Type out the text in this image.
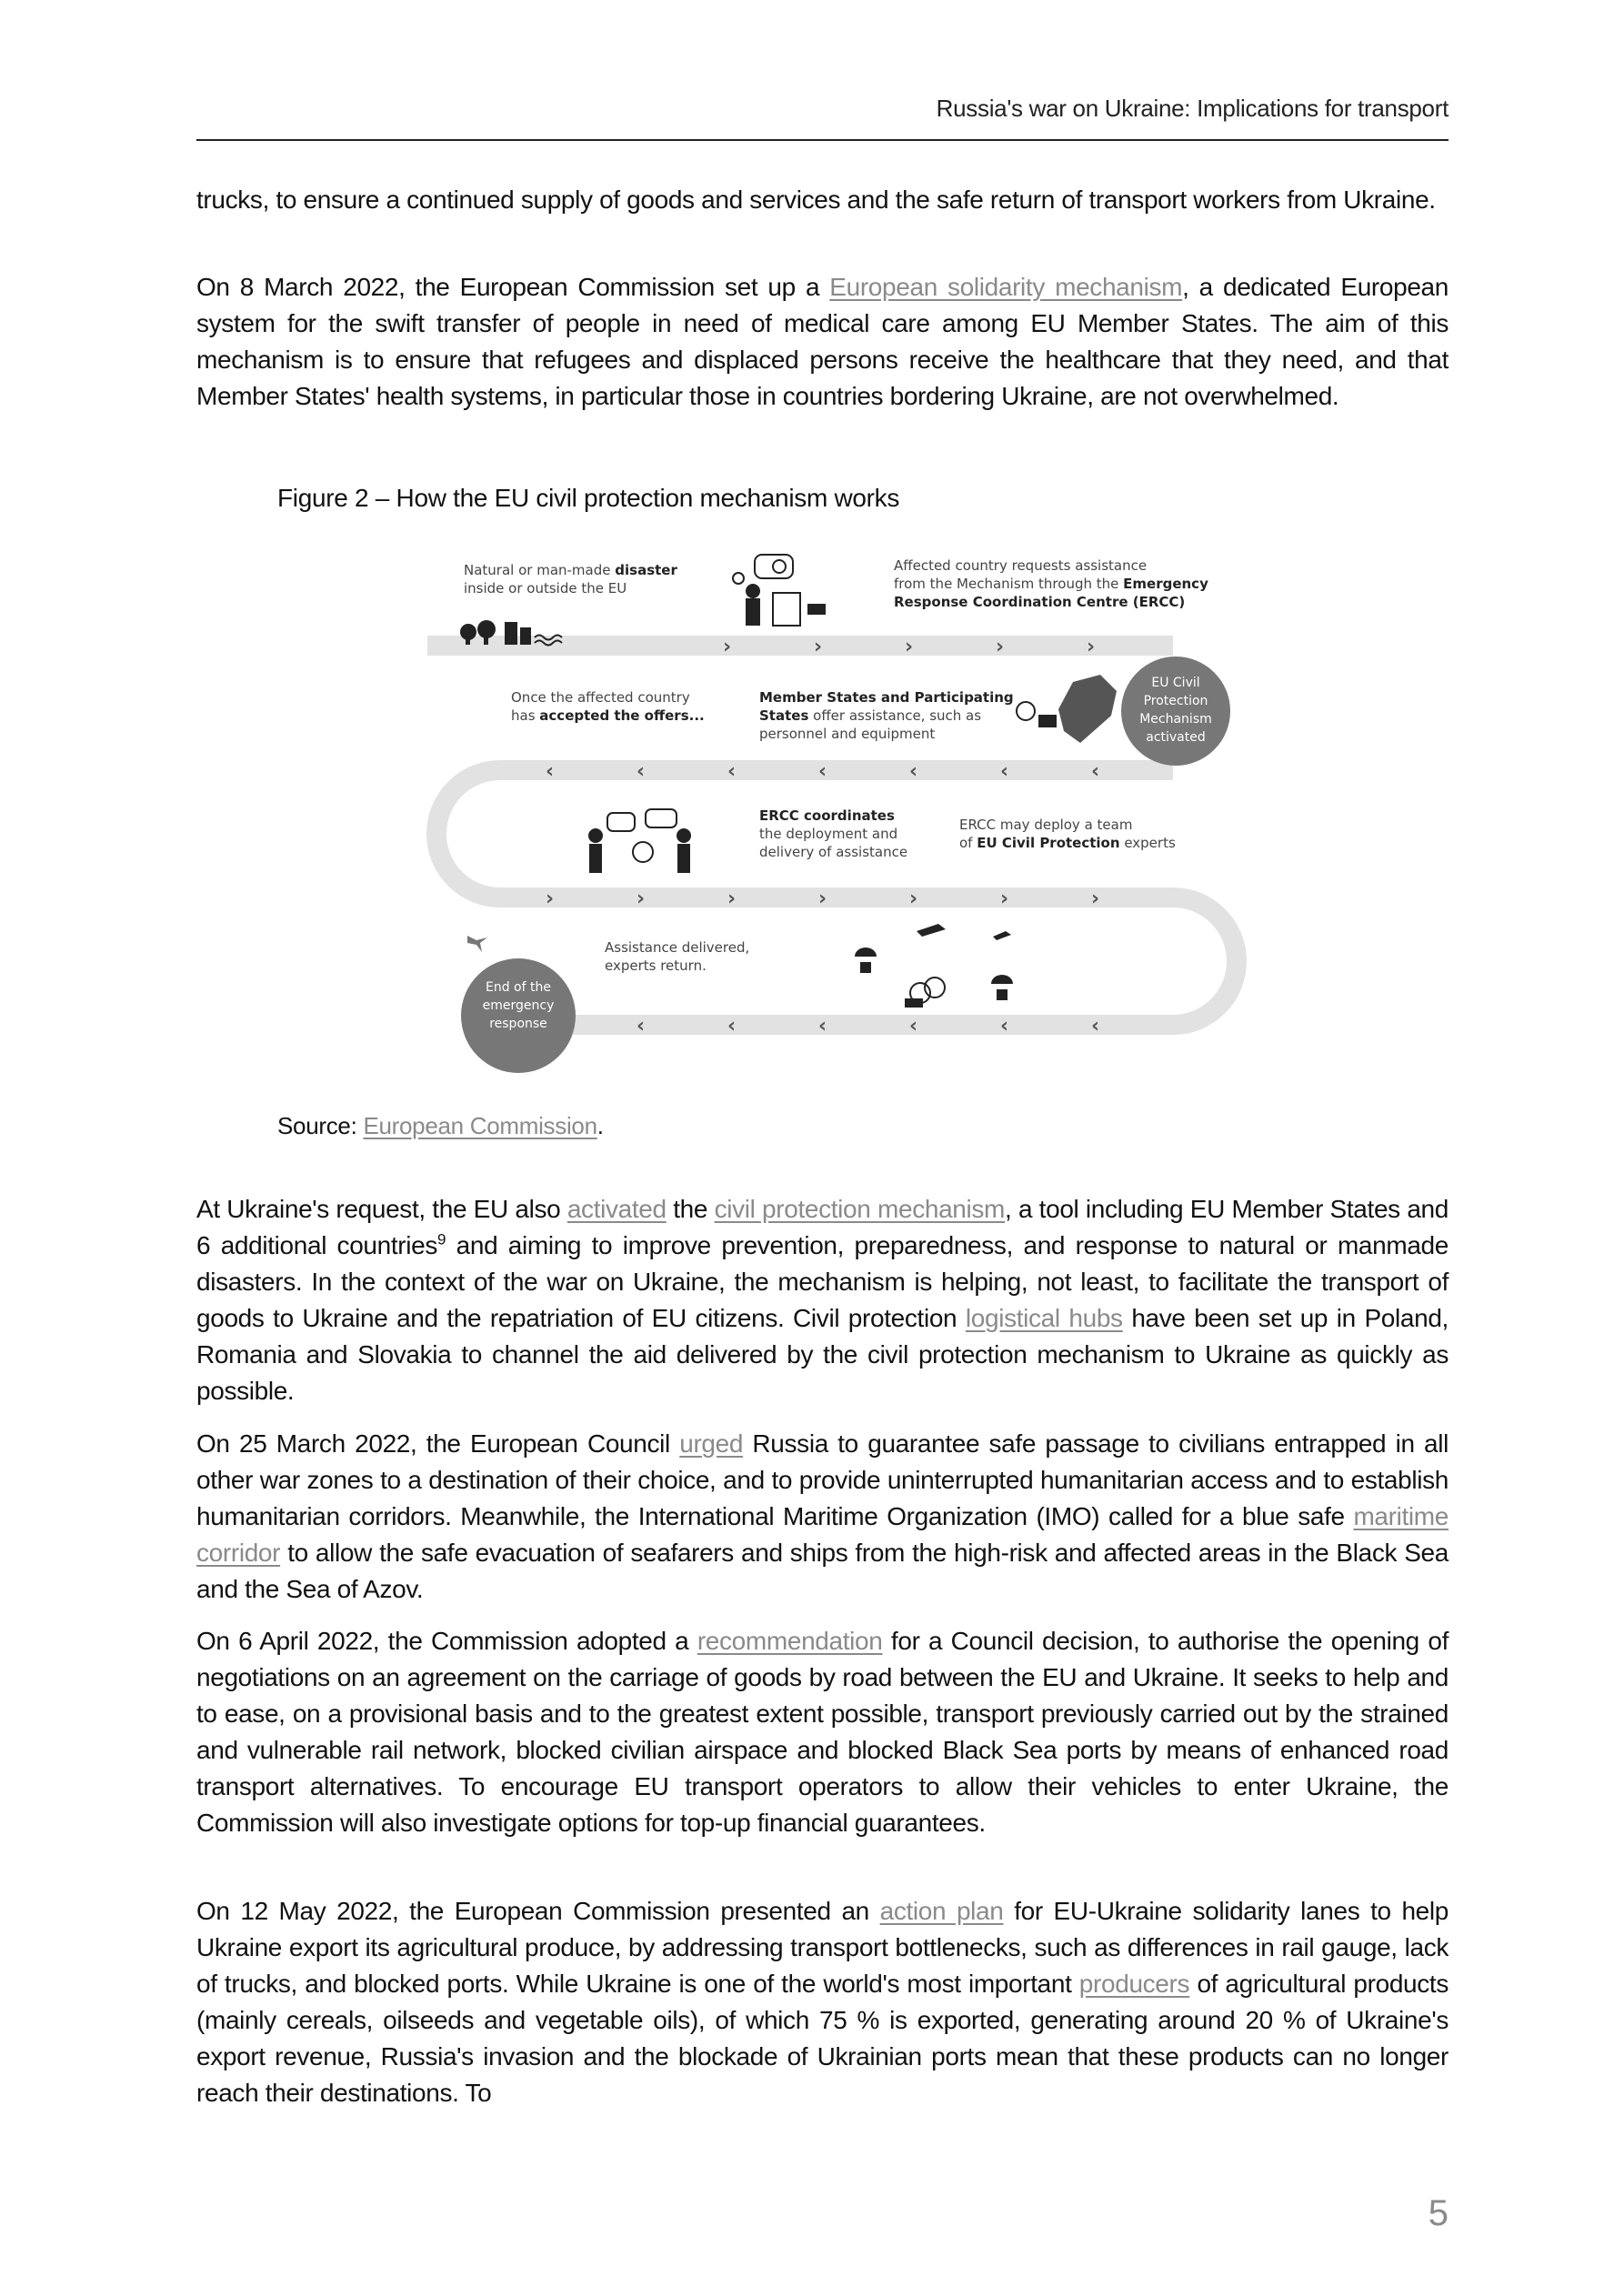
Russia's war on Ukraine: Implications for transport

trucks, to ensure a continued supply of goods and services and the safe return of transport workers from Ukraine.

On 8 March 2022, the European Commission set up a European solidarity mechanism, a dedicated European system for the swift transfer of people in need of medical care among EU Member States. The aim of this mechanism is to ensure that refugees and displaced persons receive the healthcare that they need, and that Member States' health systems, in particular those in countries bordering Ukraine, are not overwhelmed.

Figure 2 – How the EU civil protection mechanism works
›	›	›	›	›
‹	‹	‹	‹	‹	‹	‹
›	›	›	›	›	›	›
‹	‹	‹	‹	‹	‹
Natural or man-made disaster
inside or outside the EU
Affected country requests assistance
from the Mechanism through the Emergency
Response Coordination Centre (ERCC)
EU Civil
Protection
Mechanism
activated
Once the affected country
has accepted the offers...
Member States and Participating
States offer assistance, such as
personnel and equipment
ERCC coordinates
the deployment and
delivery of assistance
ERCC may deploy a team
of EU Civil Protection experts
End of the
emergency
response
Assistance delivered,
experts return.
Source: European Commission.

At Ukraine's request, the EU also activated the civil protection mechanism, a tool including EU Member States and 6 additional countries$^9$ and aiming to improve prevention, preparedness, and response to natural or manmade disasters. In the context of the war on Ukraine, the mechanism is helping, not least, to facilitate the transport of goods to Ukraine and the repatriation of EU citizens. Civil protection logistical hubs have been set up in Poland, Romania and Slovakia to channel the aid delivered by the civil protection mechanism to Ukraine as quickly as possible.

On 25 March 2022, the European Council urged Russia to guarantee safe passage to civilians entrapped in all other war zones to a destination of their choice, and to provide uninterrupted humanitarian access and to establish humanitarian corridors. Meanwhile, the International Maritime Organization (IMO) called for a blue safe maritime corridor to allow the safe evacuation of seafarers and ships from the high-risk and affected areas in the Black Sea and the Sea of Azov.

On 6 April 2022, the Commission adopted a recommendation for a Council decision, to authorise the opening of negotiations on an agreement on the carriage of goods by road between the EU and Ukraine. It seeks to help and to ease, on a provisional basis and to the greatest extent possible, transport previously carried out by the strained and vulnerable rail network, blocked civilian airspace and blocked Black Sea ports by means of enhanced road transport alternatives. To encourage EU transport operators to allow their vehicles to enter Ukraine, the Commission will also investigate options for top-up financial guarantees.

On 12 May 2022, the European Commission presented an action plan for EU-Ukraine solidarity lanes to help Ukraine export its agricultural produce, by addressing transport bottlenecks, such as differences in rail gauge, lack of trucks, and blocked ports. While Ukraine is one of the world's most important producers of agricultural products (mainly cereals, oilseeds and vegetable oils), of which 75 % is exported, generating around 20 % of Ukraine's export revenue, Russia's invasion and the blockade of Ukrainian ports mean that these products can no longer reach their destinations. To

5
